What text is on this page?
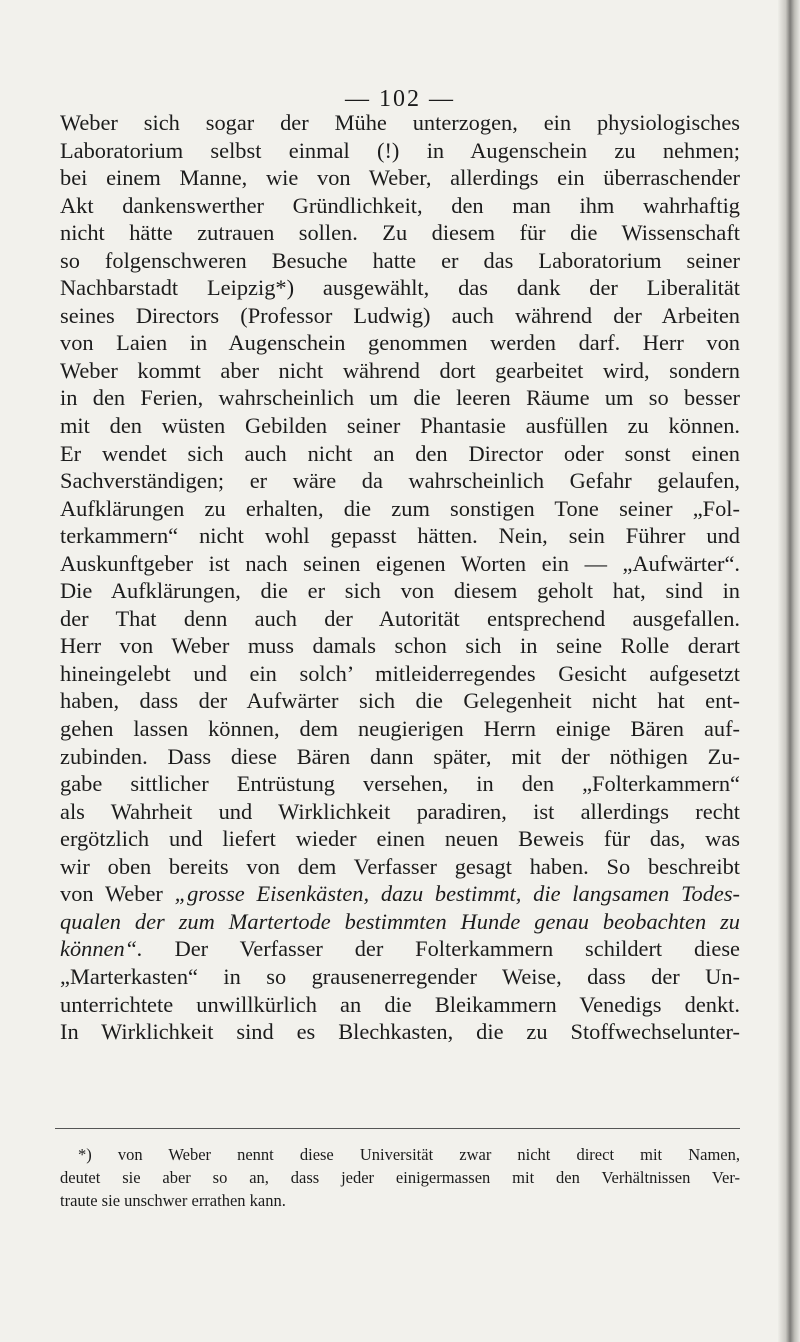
— 102 —
Weber sich sogar der Mühe unterzogen, ein physiologisches
Laboratorium selbst einmal (!) in Augenschein zu nehmen;
bei einem Manne, wie von Weber, allerdings ein überraschender
Akt dankenswerther Gründlichkeit, den man ihm wahrhaftig
nicht hätte zutrauen sollen. Zu diesem für die Wissenschaft
so folgenschweren Besuche hatte er das Laboratorium seiner
Nachbarstadt Leipzig*) ausgewählt, das dank der Liberalität
seines Directors (Professor Ludwig) auch während der Arbeiten
von Laien in Augenschein genommen werden darf. Herr von
Weber kommt aber nicht während dort gearbeitet wird, sondern
in den Ferien, wahrscheinlich um die leeren Räume um so besser
mit den wüsten Gebilden seiner Phantasie ausfüllen zu können.
Er wendet sich auch nicht an den Director oder sonst einen
Sachverständigen; er wäre da wahrscheinlich Gefahr gelaufen,
Aufklärungen zu erhalten, die zum sonstigen Tone seiner „Fol-
terkammern“ nicht wohl gepasst hätten. Nein, sein Führer und
Auskunftgeber ist nach seinen eigenen Worten ein — „Aufwärter“.
Die Aufklärungen, die er sich von diesem geholt hat, sind in
der That denn auch der Autorität entsprechend ausgefallen.
Herr von Weber muss damals schon sich in seine Rolle derart
hineingelebt und ein solch’ mitleiderregendes Gesicht aufgesetzt
haben, dass der Aufwärter sich die Gelegenheit nicht hat ent-
gehen lassen können, dem neugierigen Herrn einige Bären auf-
zubinden. Dass diese Bären dann später, mit der nöthigen Zu-
gabe sittlicher Entrüstung versehen, in den „Folterkammern“
als Wahrheit und Wirklichkeit paradiren, ist allerdings recht
ergötzlich und liefert wieder einen neuen Beweis für das, was
wir oben bereits von dem Verfasser gesagt haben. So beschreibt
von Weber „grosse Eisenkästen, dazu bestimmt, die langsamen Todes-
qualen der zum Martertode bestimmten Hunde genau beobachten zu
können“. Der Verfasser der Folterkammern schildert diese
„Marterkasten“ in so grausenerregender Weise, dass der Un-
unterrichtete unwillkürlich an die Bleikammern Venedigs denkt.
In Wirklichkeit sind es Blechkasten, die zu Stoffwechselunter-
*) von Weber nennt diese Universität zwar nicht direct mit Namen,
deutet sie aber so an, dass jeder einigermassen mit den Verhältnissen Ver-
traute sie unschwer errathen kann.
